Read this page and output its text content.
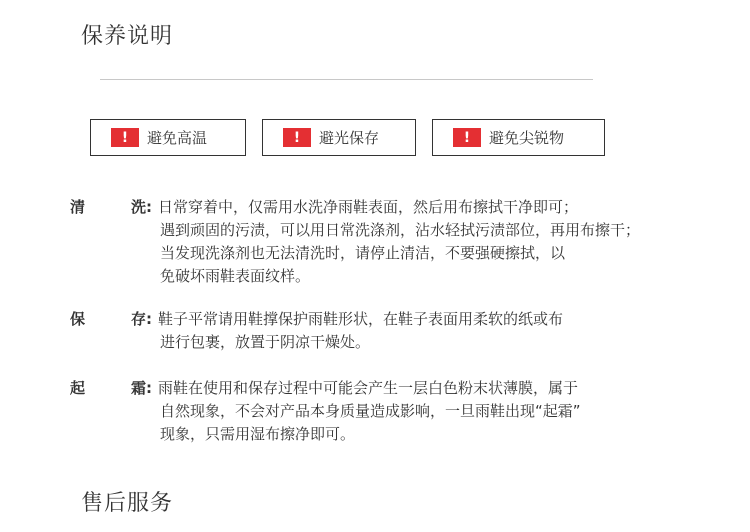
保养说明
!	避免高温	!	避光保存	!	避免尖锐物
清	洗: 日常穿着中，仅需用水洗净雨鞋表面，然后用布擦拭干净即可；
遇到顽固的污渍，可以用日常洗涤剂，沾水轻拭污渍部位，再用布擦干；
当发现洗涤剂也无法清洗时，请停止清洁，不要强硬擦拭，以
免破坏雨鞋表面纹样。
保	存: 鞋子平常请用鞋撑保护雨鞋形状，在鞋子表面用柔软的纸或布
进行包裹，放置于阴凉干燥处。
起	霜: 雨鞋在使用和保存过程中可能会产生一层白色粉末状薄膜，属于
自然现象，不会对产品本身质量造成影响，一旦雨鞋出现“起霜”
现象，只需用湿布擦净即可。
售后服务
